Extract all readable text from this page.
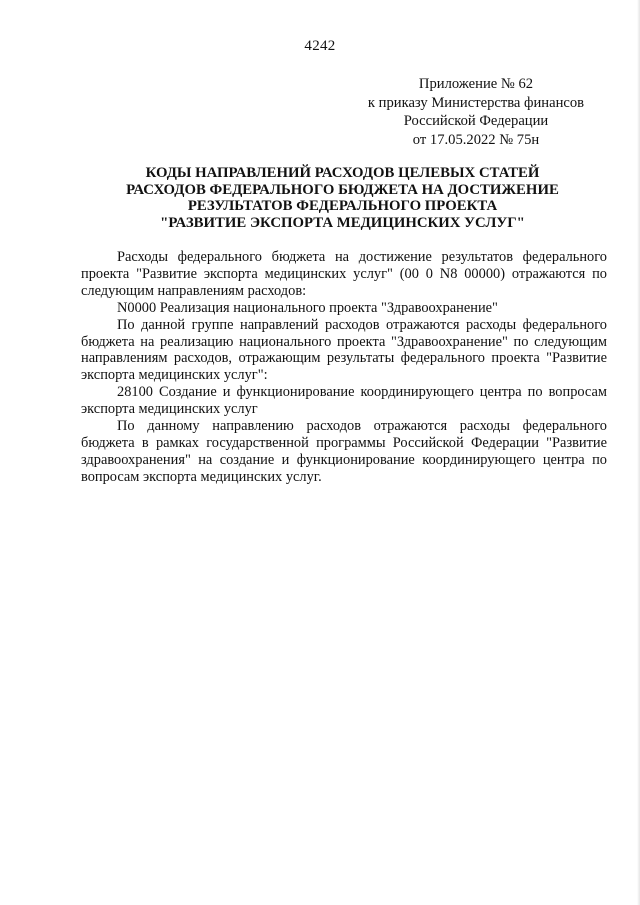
4242
Приложение № 62
к приказу Министерства финансов
Российской Федерации
от 17.05.2022 № 75н
КОДЫ НАПРАВЛЕНИЙ РАСХОДОВ ЦЕЛЕВЫХ СТАТЕЙ
РАСХОДОВ ФЕДЕРАЛЬНОГО БЮДЖЕТА НА ДОСТИЖЕНИЕ
РЕЗУЛЬТАТОВ ФЕДЕРАЛЬНОГО ПРОЕКТА
"РАЗВИТИЕ ЭКСПОРТА МЕДИЦИНСКИХ УСЛУГ"

Расходы федерального бюджета на достижение результатов федерального проекта "Развитие экспорта медицинских услуг" (00 0 N8 00000) отражаются по следующим направлениям расходов:

N0000 Реализация национального проекта "Здравоохранение"

По данной группе направлений расходов отражаются расходы федерального бюджета на реализацию национального проекта "Здравоохранение" по следующим направлениям расходов, отражающим результаты федерального проекта "Развитие экспорта медицинских услуг":

28100 Создание и функционирование координирующего центра по вопросам экспорта медицинских услуг

По данному направлению расходов отражаются расходы федерального бюджета в рамках государственной программы Российской Федерации "Развитие здравоохранения" на создание и функционирование координирующего центра по вопросам экспорта медицинских услуг.
